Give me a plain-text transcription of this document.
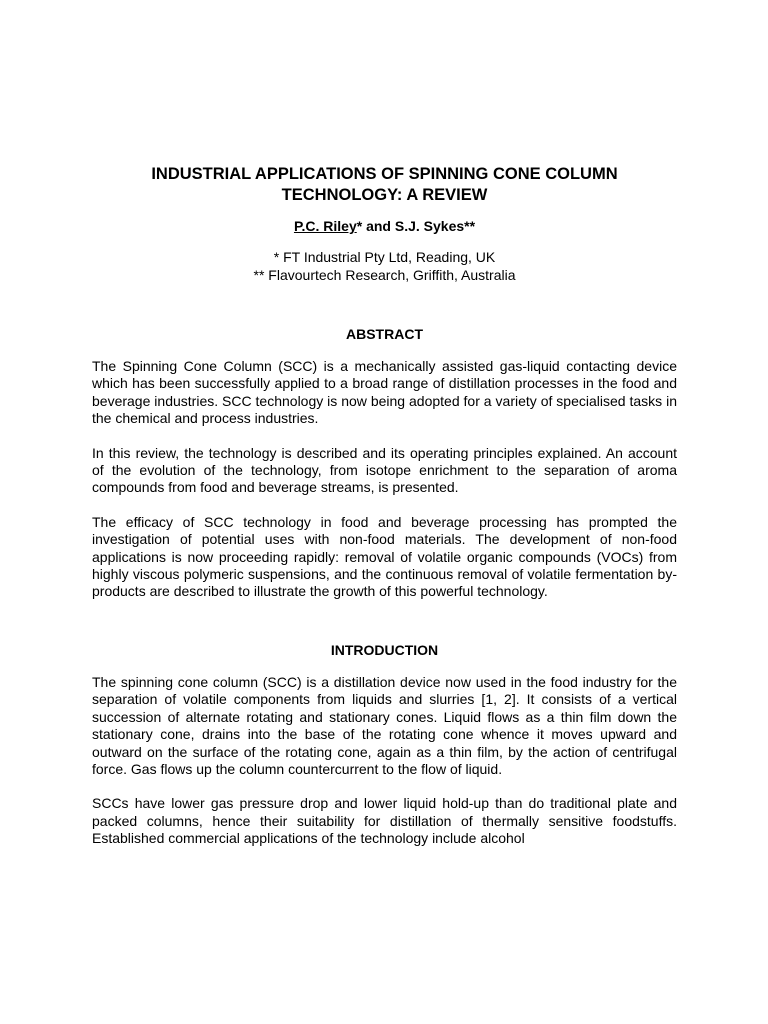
INDUSTRIAL APPLICATIONS OF SPINNING CONE COLUMN
TECHNOLOGY: A REVIEW
P.C. Riley* and S.J. Sykes**
* FT Industrial Pty Ltd, Reading, UK
** Flavourtech Research, Griffith, Australia
ABSTRACT

The Spinning Cone Column (SCC) is a mechanically assisted gas-liquid contacting device which has been successfully applied to a broad range of distillation processes in the food and beverage industries. SCC technology is now being adopted for a variety of specialised tasks in the chemical and process industries.

In this review, the technology is described and its operating principles explained. An account of the evolution of the technology, from isotope enrichment to the separation of aroma compounds from food and beverage streams, is presented.

The efficacy of SCC technology in food and beverage processing has prompted the investigation of potential uses with non-food materials. The development of non-food applications is now proceeding rapidly: removal of volatile organic compounds (VOCs) from highly viscous polymeric suspensions, and the continuous removal of volatile fermentation by-products are described to illustrate the growth of this powerful technology.

INTRODUCTION

The spinning cone column (SCC) is a distillation device now used in the food industry for the separation of volatile components from liquids and slurries [1, 2]. It consists of a vertical succession of alternate rotating and stationary cones. Liquid flows as a thin film down the stationary cone, drains into the base of the rotating cone whence it moves upward and outward on the surface of the rotating cone, again as a thin film, by the action of centrifugal force. Gas flows up the column countercurrent to the flow of liquid.

SCCs have lower gas pressure drop and lower liquid hold-up than do traditional plate and packed columns, hence their suitability for distillation of thermally sensitive foodstuffs. Established commercial applications of the technology include alcohol
